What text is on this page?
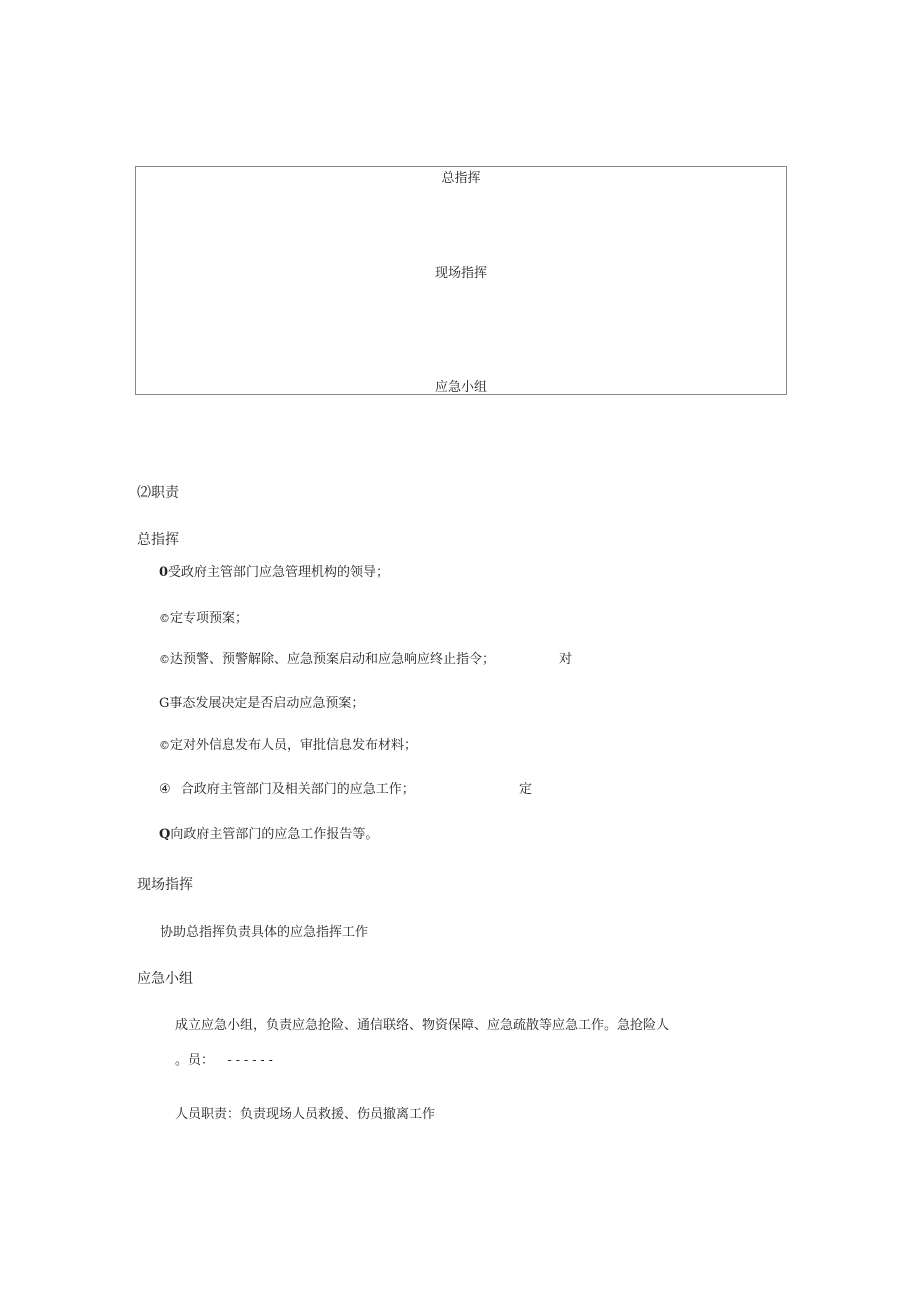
总指挥
现场指挥
应急小组
⑵职责
总指挥
0受政府主管部门应急管理机构的领导；
©定专项预案；
©达预警、预警解除、应急预案启动和应急响应终止指令；	对
G事态发展决定是否启动应急预案；
©定对外信息发布人员，审批信息发布材料；
④ 合政府主管部门及相关部门的应急工作；	定
Q向政府主管部门的应急工作报告等。
现场指挥
协助总指挥负责具体的应急指挥工作
应急小组
成立应急小组，负责应急抢险、通信联络、物资保障、应急疏散等应急工作。急抢险人
。员： ------
人员职责：负责现场人员救援、伤员撤离工作
